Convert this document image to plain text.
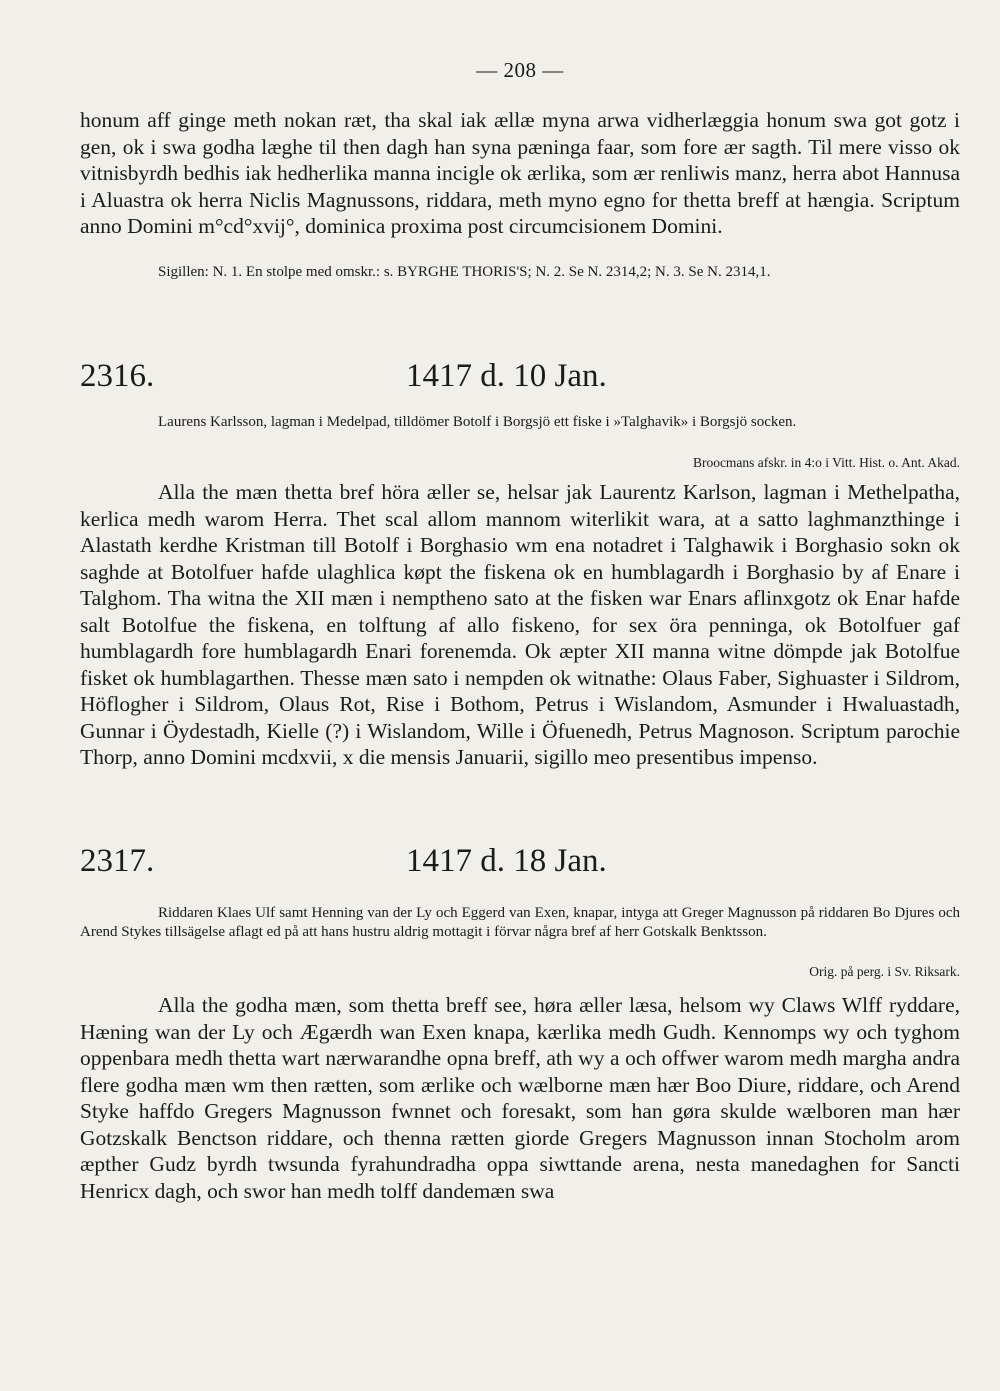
— 208 —

honum aff ginge meth nokan ræt, tha skal iak ællæ myna arwa vidherlæggia honum swa got gotz i gen, ok i swa godha læghe til then dagh han syna pæninga faar, som fore ær sagth. Til mere visso ok vitnisbyrdh bedhis iak hedherlika manna incigle ok ærlika, som ær renliwis manz, herra abot Hannusa i Aluastra ok herra Niclis Magnussons, riddara, meth myno egno for thetta breff at hængia. Scriptum anno Domini m°cd°xvij°, dominica proxima post circumcisionem Domini.

Sigillen: N. 1. En stolpe med omskr.: s. BYRGHE THORIS'S; N. 2. Se N. 2314,2; N. 3. Se N. 2314,1.

2316.	1417 d. 10 Jan.

Laurens Karlsson, lagman i Medelpad, tilldömer Botolf i Borgsjö ett fiske i »Talghavik» i Borgsjö socken.

Broocmans afskr. in 4:o i Vitt. Hist. o. Ant. Akad.

Alla the mæn thetta bref höra æller se, helsar jak Laurentz Karlson, lagman i Methelpatha, kerlica medh warom Herra. Thet scal allom mannom witerlikit wara, at a satto laghmanzthinge i Alastath kerdhe Kristman till Botolf i Borghasio wm ena notadret i Talghawik i Borghasio sokn ok saghde at Botolfuer hafde ulaghlica køpt the fiskena ok en humblagardh i Borghasio by af Enare i Talghom. Tha witna the XII mæn i nemptheno sato at the fisken war Enars aflinxgotz ok Enar hafde salt Botolfue the fiskena, en tolftung af allo fiskeno, for sex öra penninga, ok Botolfuer gaf humblagardh fore humblagardh Enari forenemda. Ok æpter XII manna witne dömpde jak Botolfue fisket ok humblagarthen. Thesse mæn sato i nempden ok witnathe: Olaus Faber, Sighuaster i Sildrom, Höflogher i Sildrom, Olaus Rot, Rise i Bothom, Petrus i Wislandom, Asmunder i Hwaluastadh, Gunnar i Öydestadh, Kielle (?) i Wislandom, Wille i Öfuenedh, Petrus Magnoson. Scriptum parochie Thorp, anno Domini mcdxvii, x die mensis Januarii, sigillo meo presentibus impenso.

2317.	1417 d. 18 Jan.

Riddaren Klaes Ulf samt Henning van der Ly och Eggerd van Exen, knapar, intyga att Greger Magnusson på riddaren Bo Djures och Arend Stykes tillsägelse aflagt ed på att hans hustru aldrig mottagit i förvar några bref af herr Gotskalk Benktsson.

Orig. på perg. i Sv. Riksark.

Alla the godha mæn, som thetta breff see, høra æller læsa, helsom wy Claws Wlff ryddare, Hæning wan der Ly och Ægærdh wan Exen knapa, kærlika medh Gudh. Kennomps wy och tyghom oppenbara medh thetta wart nærwarandhe opna breff, ath wy a och offwer warom medh margha andra flere godha mæn wm then rætten, som ærlike och wælborne mæn hær Boo Diure, riddare, och Arend Styke haffdo Gregers Magnusson fwnnet och foresakt, som han gøra skulde wælboren man hær Gotzskalk Benctson riddare, och thenna rætten giorde Gregers Magnusson innan Stocholm arom æpther Gudz byrdh twsunda fyrahundradha oppa siwttande arena, nesta manedaghen for Sancti Henricx dagh, och swor han medh tolff dandemæn swa
